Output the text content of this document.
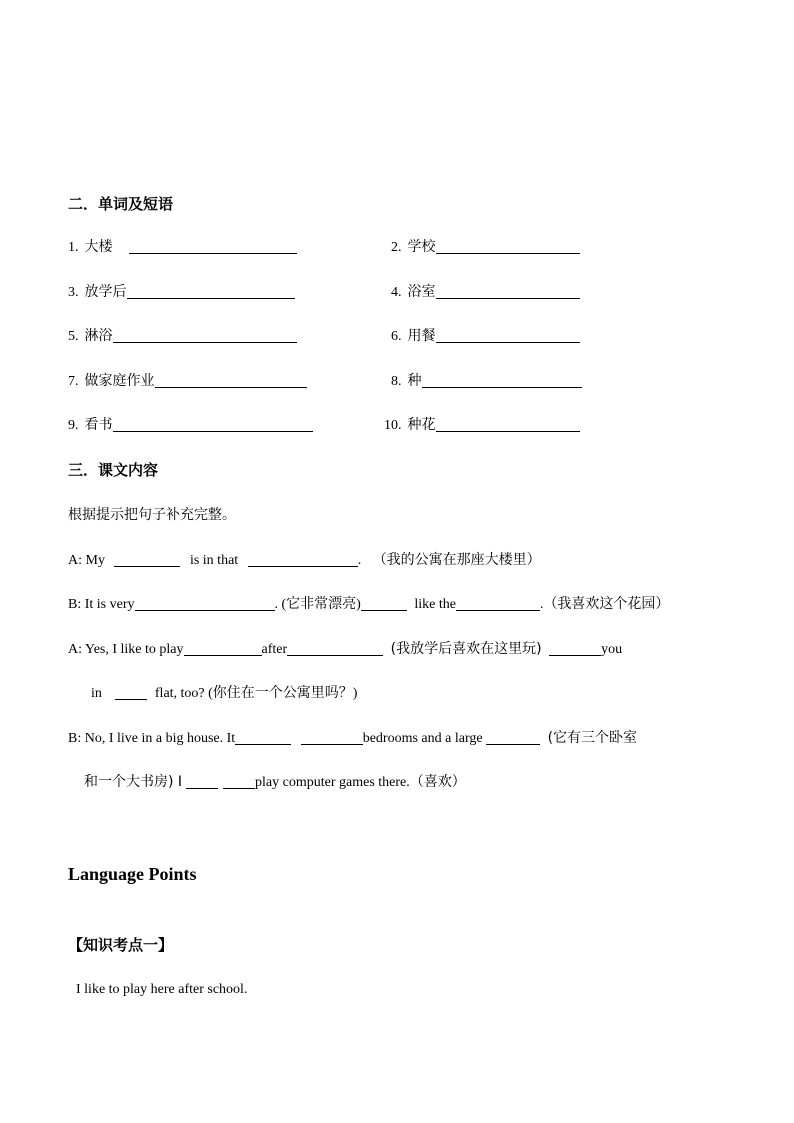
二．单词及短语
1. 大楼	2. 学校
3. 放学后	4. 浴室
5. 淋浴	6. 用餐
7. 做家庭作业	8. 种
9. 看书	10. 种花
三．课文内容
根据提示把句子补充完整。
A: My	is in that	. （我的公寓在那座大楼里）
B: It is very	. (它非常漂亮)	like the	.（我喜欢这个花园）
A: Yes, I like to play	after	(我放学后喜欢在这里玩)	you
in	flat, too? (你住在一个公寓里吗？)
B: No, I live in a big house. It	bedrooms and a large	(它有三个卧室
和一个大书房) I	play computer games there.（喜欢）
Language Points
【知识考点一】
I like to play here after school.
